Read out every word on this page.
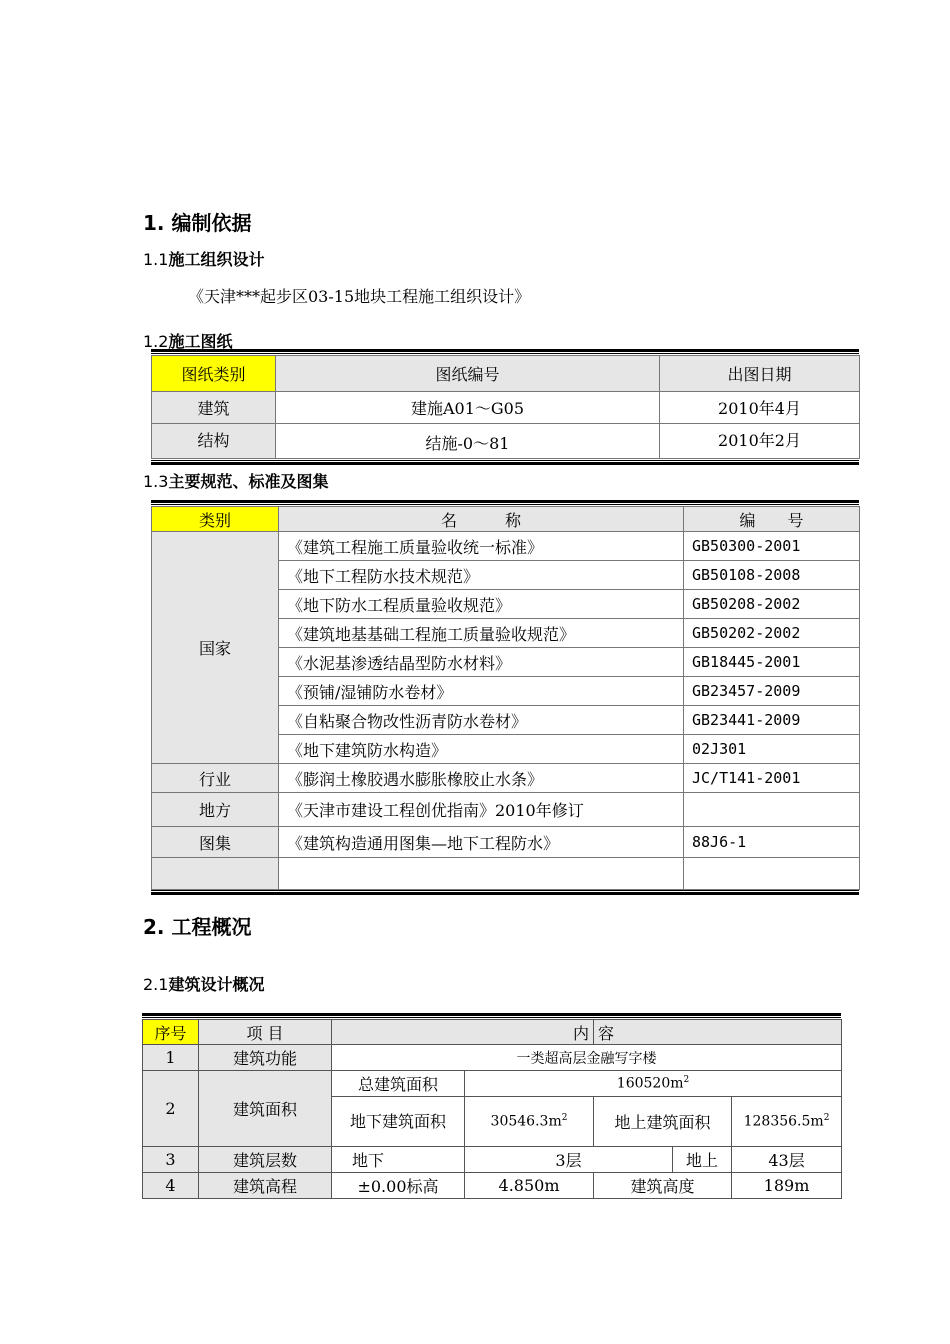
1. 编制依据
1.1施工组织设计
《天津***起步区03-15地块工程施工组织设计》
1.2施工图纸
图纸类别	图纸编号	出图日期
建筑	建施A01～G05	2010年4月
结构	结施-0～81	2010年2月
1.3主要规范、标准及图集
类别	名　　　称	编　　号
国家	《建筑工程施工质量验收统一标准》	GB50300-2001
	《地下工程防水技术规范》	GB50108-2008
	《地下防水工程质量验收规范》	GB50208-2002
	《建筑地基基础工程施工质量验收规范》	GB50202-2002
	《水泥基渗透结晶型防水材料》	GB18445-2001
	《预铺/湿铺防水卷材》	GB23457-2009
	《自粘聚合物改性沥青防水卷材》	GB23441-2009
	《地下建筑防水构造》	02J301
行业	《膨润土橡胶遇水膨胀橡胶止水条》	JC/T141-2001
地方	《天津市建设工程创优指南》2010年修订	
图集	《建筑构造通用图集—地下工程防水》	88J6-1

2. 工程概况
2.1建筑设计概况
序号	项 目	内		容		
1	建筑功能	一类超高层金融写字楼				
2	建筑面积	总建筑面积	$160520m^2$
		地下建筑面积	$30546.3m^2$	地上建筑面积		$128356.5m^2$
3	建筑层数	地下	3层		地上	43层
4	建筑高程	±0.00标高	4.850m	建筑高度		189m
